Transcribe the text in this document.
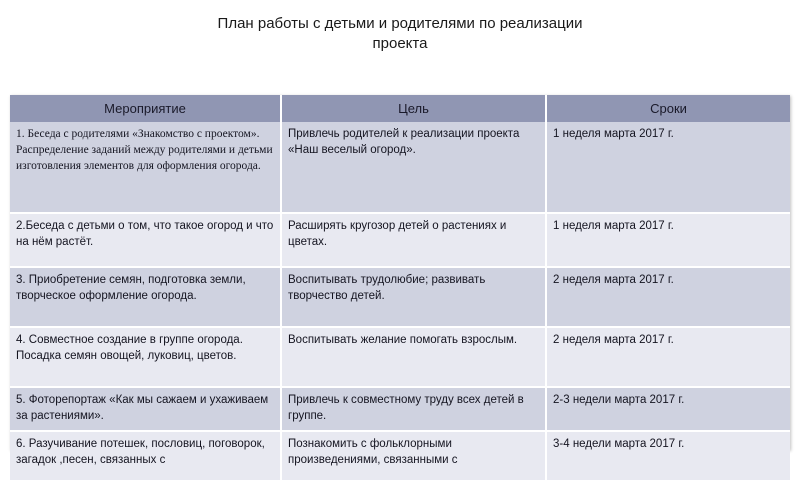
План работы с детьми и родителями по реализации
проекта
Мероприятие	Цель	Сроки
1. Беседа с родителями «Знакомство с проектом». Распределение заданий между родителями и детьми изготовления элементов для оформления огорода.	Привлечь родителей к реализации проекта «Наш веселый огород».	1 неделя марта 2017 г.
2.Беседа с детьми о том, что такое огород и что на нём растёт.	Расширять кругозор детей о растениях и цветах.	1 неделя марта 2017 г.
3. Приобретение семян, подготовка земли, творческое оформление огорода.	Воспитывать трудолюбие; развивать творчество детей.	2 неделя марта 2017 г.
4. Совместное создание в группе огорода. Посадка семян овощей, луковиц, цветов.	Воспитывать желание помогать взрослым.	2 неделя марта 2017 г.
5. Фоторепортаж «Как мы сажаем и ухаживаем за растениями».	Привлечь к совместному труду всех детей в группе.	2-3 недели марта 2017 г.
6. Разучивание потешек, пословиц, поговорок, загадок ,песен, связанных с	Познакомить с фольклорными произведениями, связанными с	3-4 недели марта 2017 г.
